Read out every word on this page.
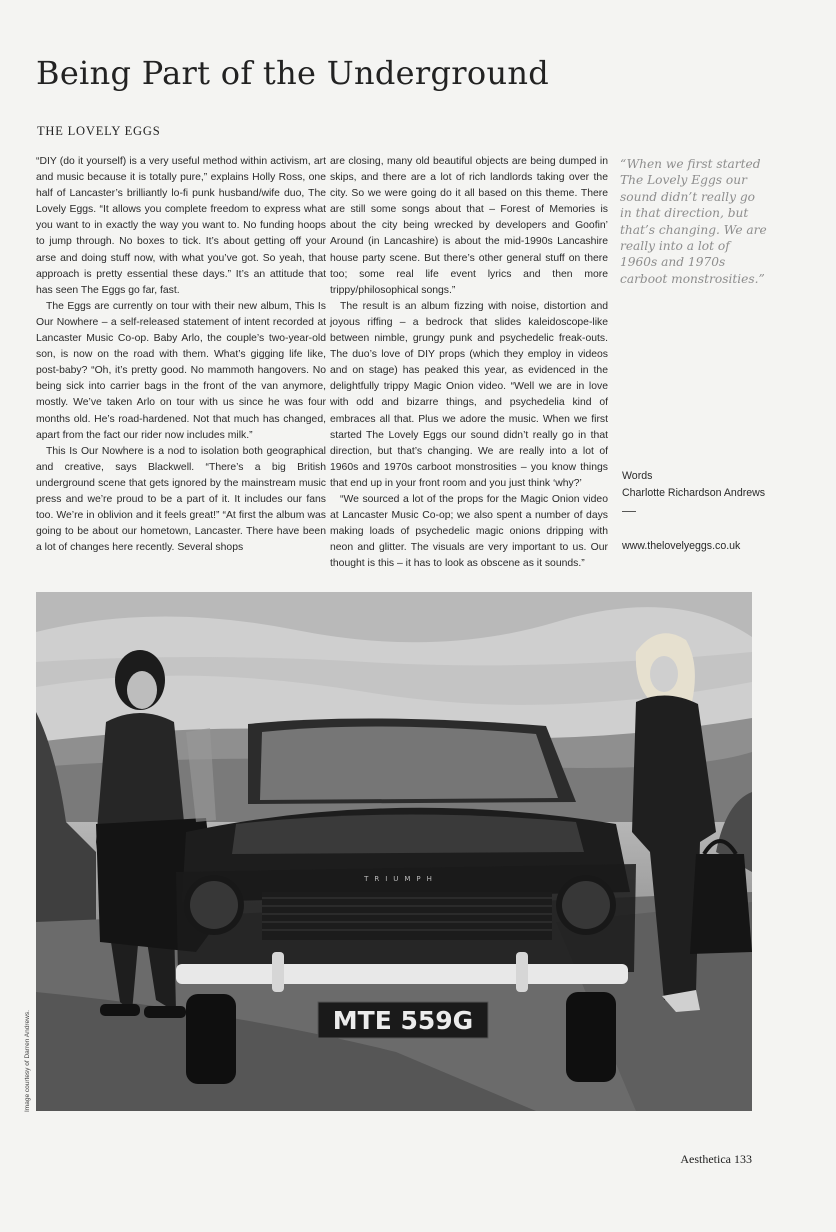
Being Part of the Underground
THE LOVELY EGGS

“DIY (do it yourself) is a very useful method within activism, art and music because it is totally pure,” explains Holly Ross, one half of Lancaster’s brilliantly lo-fi punk husband/wife duo, The Lovely Eggs. “It allows you complete freedom to express what you want to in exactly the way you want to. No funding hoops to jump through. No boxes to tick. It’s about getting off your arse and doing stuff now, with what you’ve got. So yeah, that approach is pretty essential these days.” It’s an attitude that has seen The Eggs go far, fast.

The Eggs are currently on tour with their new album, This Is Our Nowhere – a self-released statement of intent recorded at Lancaster Music Co-op. Baby Arlo, the couple’s two-year-old son, is now on the road with them. What’s gigging life like, post-baby? “Oh, it’s pretty good. No mammoth hangovers. No being sick into carrier bags in the front of the van anymore, mostly. We’ve taken Arlo on tour with us since he was four months old. He’s road-hardened. Not that much has changed, apart from the fact our rider now includes milk.”

This Is Our Nowhere is a nod to isolation both geographical and creative, says Blackwell. “There’s a big British underground scene that gets ignored by the mainstream music press and we’re proud to be a part of it. It includes our fans too. We’re in oblivion and it feels great!” “At first the album was going to be about our hometown, Lancaster. There have been a lot of changes here recently. Several shops

are closing, many old beautiful objects are being dumped in skips, and there are a lot of rich landlords taking over the city. So we were going do it all based on this theme. There are still some songs about that – Forest of Memories is about the city being wrecked by developers and Goofin’ Around (in Lancashire) is about the mid-1990s Lancashire house party scene. But there’s other general stuff on there too; some real life event lyrics and then more trippy/philosophical songs.”

The result is an album fizzing with noise, distortion and joyous riffing – a bedrock that slides kaleidoscope-like between nimble, grungy punk and psychedelic freak-outs. The duo’s love of DIY props (which they employ in videos and on stage) has peaked this year, as evidenced in the delightfully trippy Magic Onion video. “Well we are in love with odd and bizarre things, and psychedelia kind of embraces all that. Plus we adore the music. When we first started The Lovely Eggs our sound didn’t really go in that direction, but that’s changing. We are really into a lot of 1960s and 1970s carboot monstrosities – you know things that end up in your front room and you just think ‘why?’

“We sourced a lot of the props for the Magic Onion video at Lancaster Music Co-op; we also spent a number of days making loads of psychedelic magic onions dripping with neon and glitter. The visuals are very important to us. Our thought is this – it has to look as obscene as it sounds.”

“When we first started The Lovely Eggs our sound didn’t really go in that direction, but that’s changing. We are really into a lot of 1960s and 1970s carboot monstrosities.”
Words
Charlotte Richardson Andrews
www.thelovelyeggs.co.uk
MTE 559G
TRIUMPH
Image courtesy of Darren Andrews.
Aesthetica 133
